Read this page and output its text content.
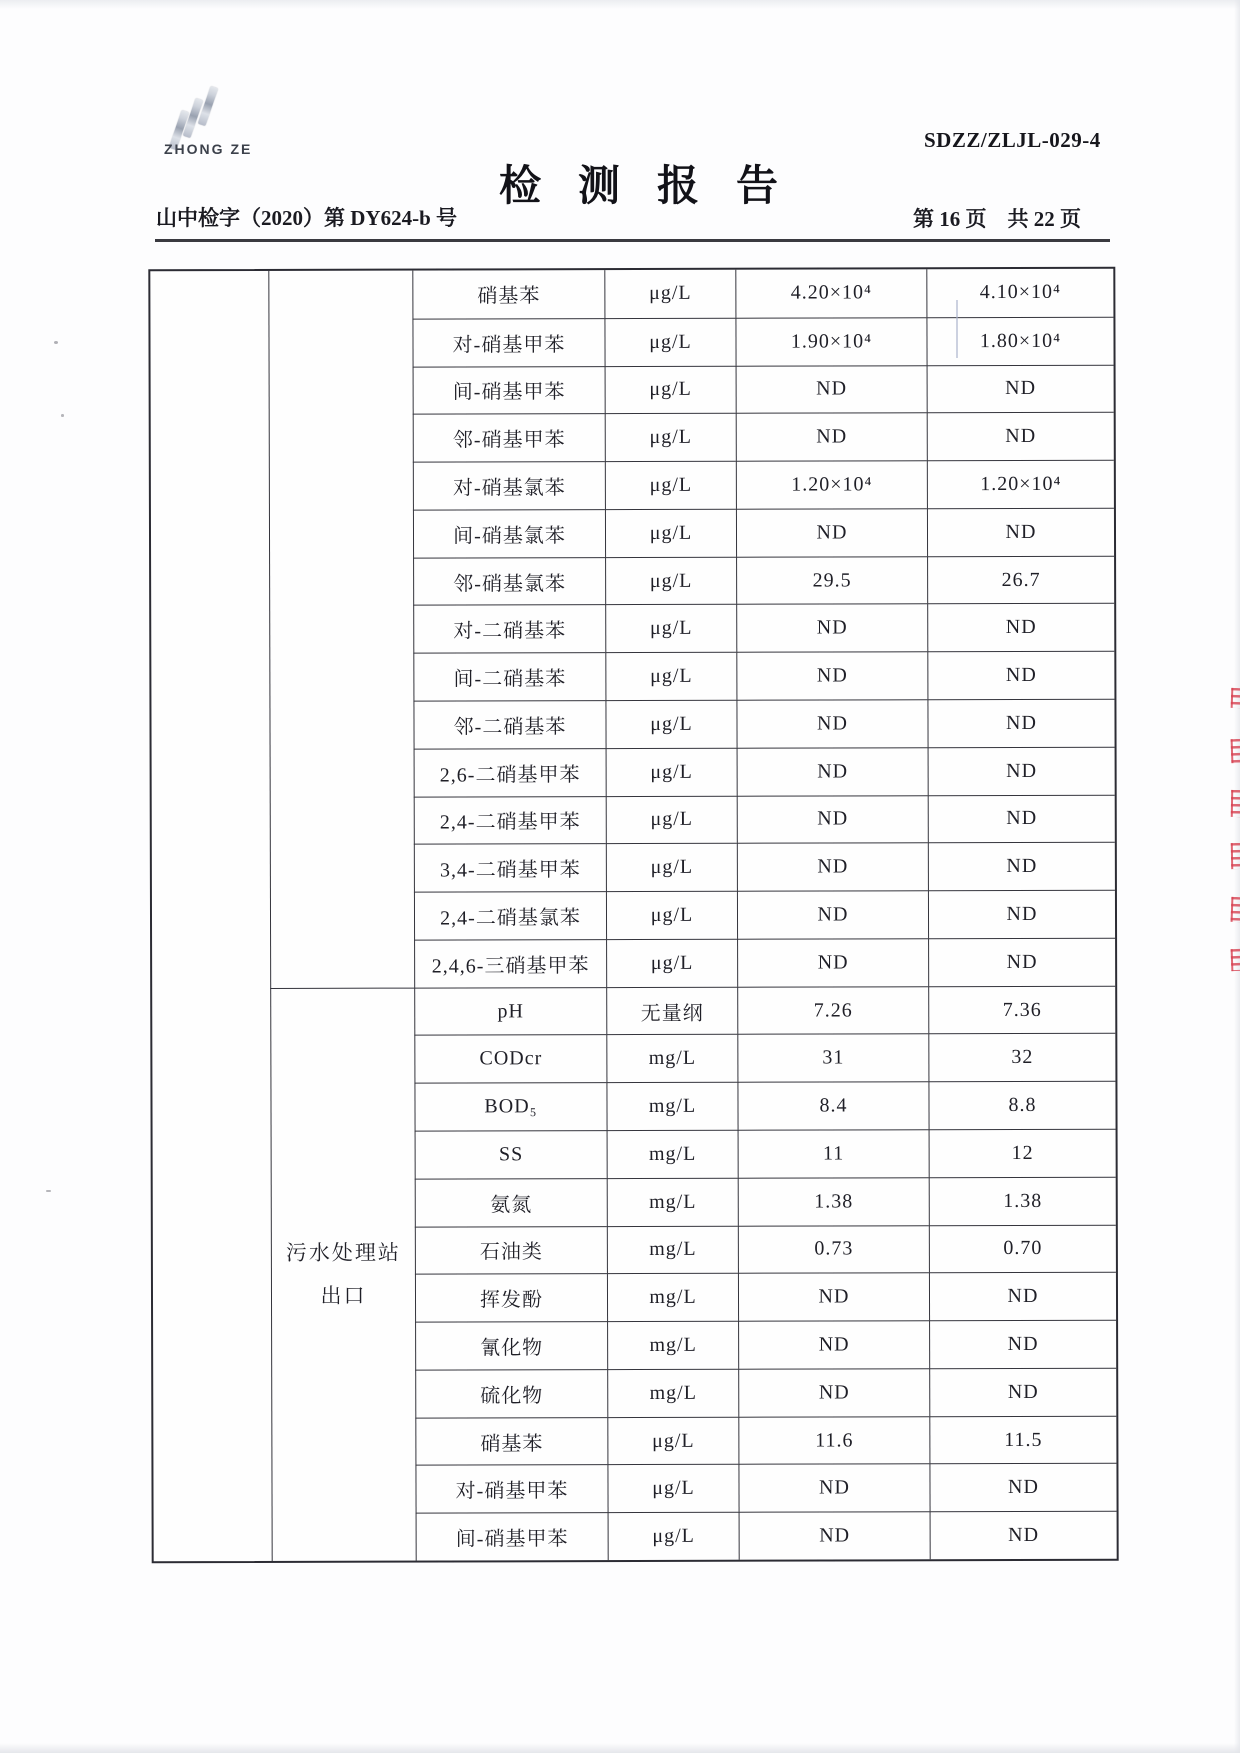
ZHONG ZE	SDZZ/ZLJL-029-4
检测报告
山中检字（2020）第 DY624-b 号	第 16 页　共 22 页
污水处理站
出口
硝基苯	μg/L	4.20×10⁴	4.10×10⁴
对-硝基甲苯	μg/L	1.90×10⁴	1.80×10⁴
间-硝基甲苯	μg/L	ND	ND
邻-硝基甲苯	μg/L	ND	ND
对-硝基氯苯	μg/L	1.20×10⁴	1.20×10⁴
间-硝基氯苯	μg/L	ND	ND
邻-硝基氯苯	μg/L	29.5	26.7
对-二硝基苯	μg/L	ND	ND
间-二硝基苯	μg/L	ND	ND
邻-二硝基苯	μg/L	ND	ND
2,6-二硝基甲苯	μg/L	ND	ND
2,4-二硝基甲苯	μg/L	ND	ND
3,4-二硝基甲苯	μg/L	ND	ND
2,4-二硝基氯苯	μg/L	ND	ND
2,4,6-三硝基甲苯	μg/L	ND	ND
pH	无量纲	7.26	7.36
CODcr	mg/L	31	32
BOD₅	mg/L	8.4	8.8
SS	mg/L	11	12
氨氮	mg/L	1.38	1.38
石油类	mg/L	0.73	0.70
挥发酚	mg/L	ND	ND
氰化物	mg/L	ND	ND
硫化物	mg/L	ND	ND
硝基苯	μg/L	11.6	11.5
对-硝基甲苯	μg/L	ND	ND
间-硝基甲苯	μg/L	ND	ND
